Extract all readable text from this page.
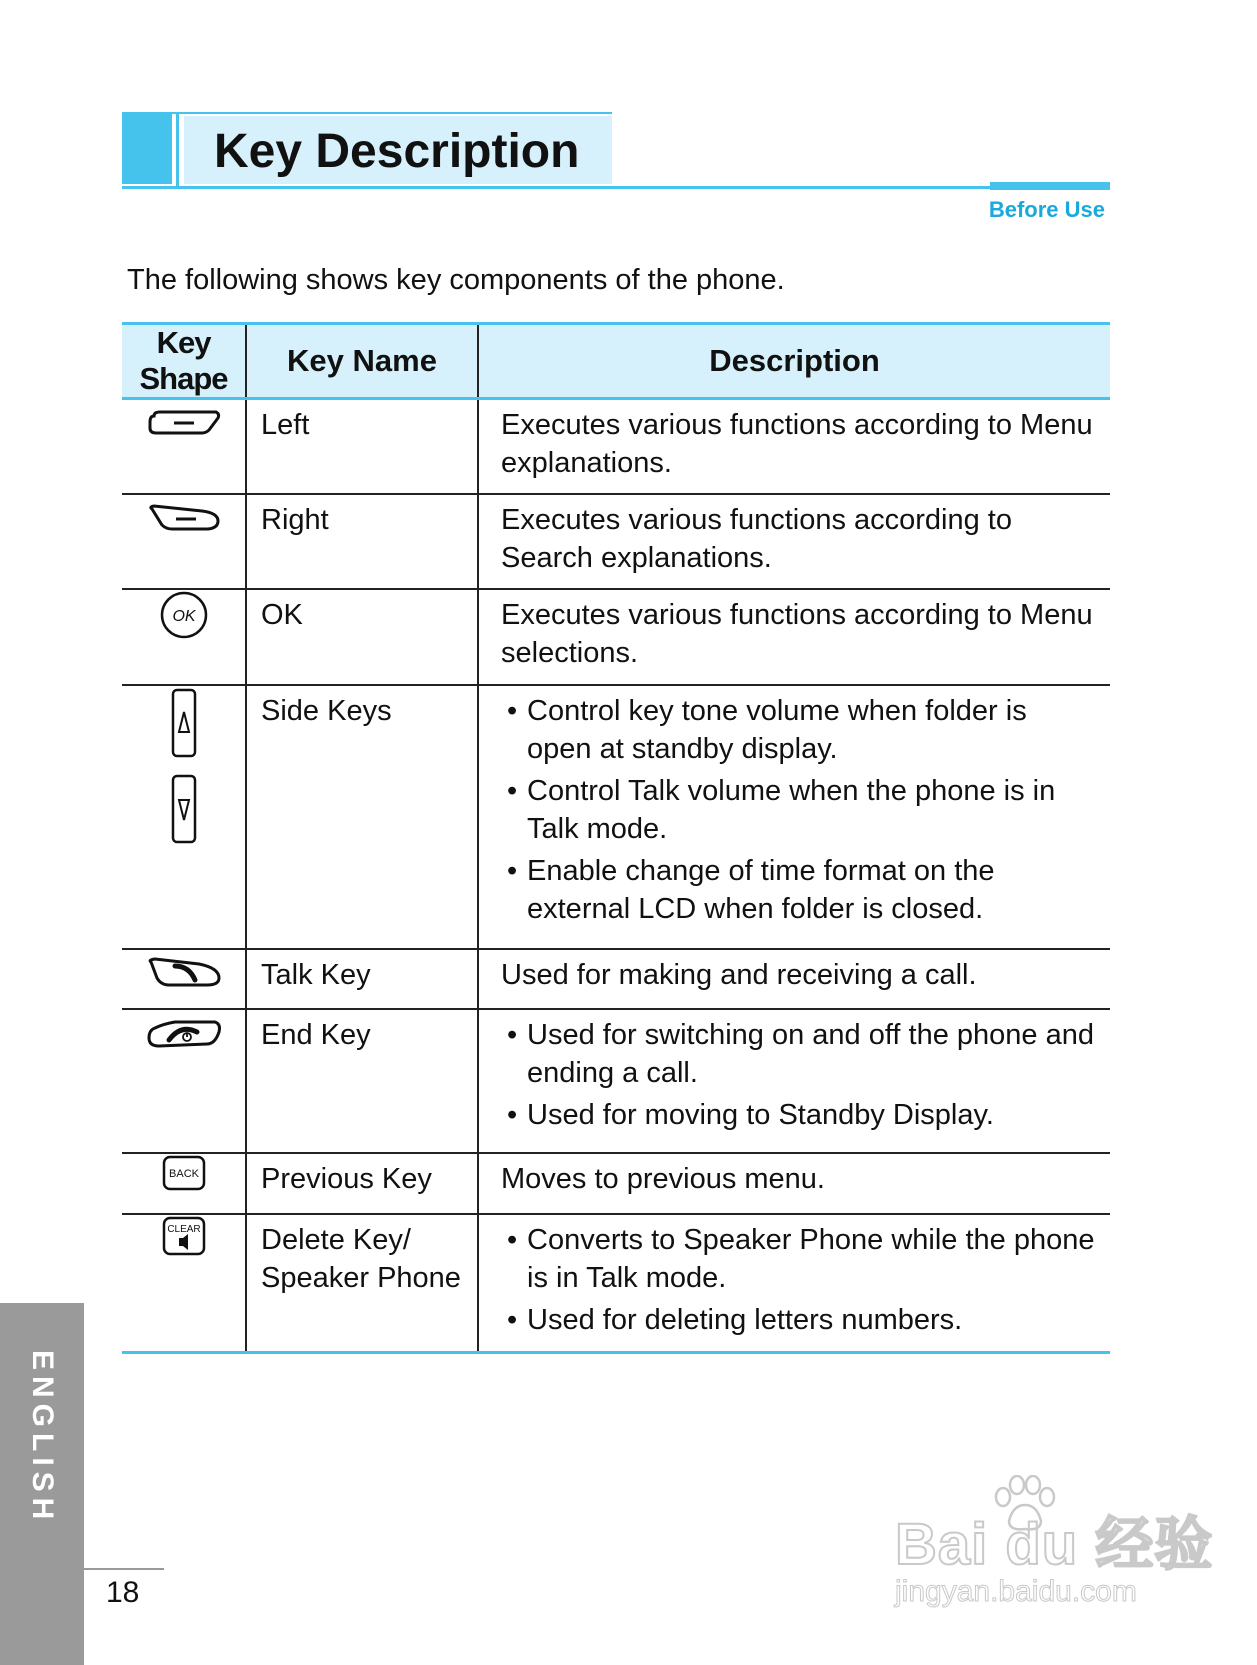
Key Description
Before Use
The following shows key components of the phone.
Key Shape	Key Name	Description
	Left	Executes various functions according to Menu explanations.
	Right	Executes various functions according to Search explanations.

OK	OK	Executes various functions according to Menu selections.
	Side Keys	• Control key tone volume when folder is open at standby display.
• Control Talk volume when the phone is in Talk mode.
• Enable change of time format on the external LCD when folder is closed.

	Talk Key	Used for making and receiving a call.
	End Key	• Used for switching on and off the phone and ending a call.
• Used for moving to Standby Display.

BACK	Previous Key	Moves to previous menu.

CLEAR	Delete Key/ Speaker Phone	• Converts to Speaker Phone while the phone is in Talk mode.
• Used for deleting letters numbers.
ENGLISH
18
Bai du 经验
jingyan.baidu.com
